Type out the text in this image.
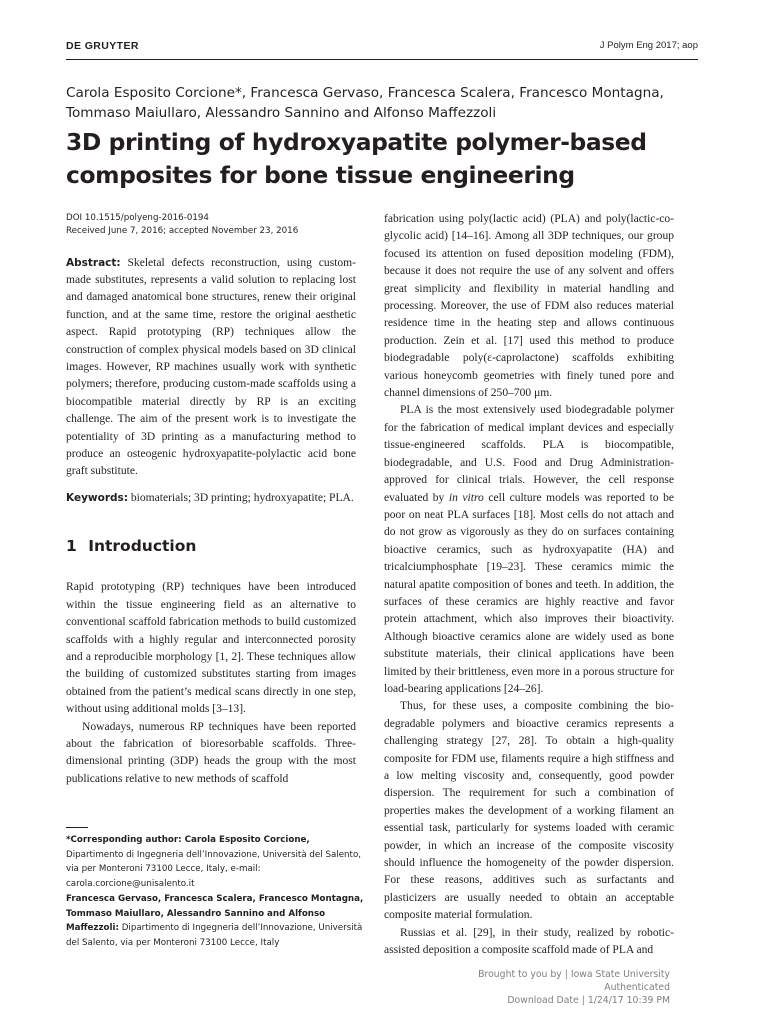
DE GRUYTER	J Polym Eng 2017; aop
Carola Esposito Corcione*, Francesca Gervaso, Francesca Scalera, Francesco Montagna,
Tommaso Maiullaro, Alessandro Sannino and Alfonso Maffezzoli
3D printing of hydroxyapatite polymer-based
composites for bone tissue engineering
DOI 10.1515/polyeng-2016-0194
Received June 7, 2016; accepted November 23, 2016

Abstract: Skeletal defects reconstruction, using custom-made substitutes, represents a valid solution to replacing lost and damaged anatomical bone structures, renew their original function, and at the same time, restore the original aesthetic aspect. Rapid prototyping (RP) techniques allow the construction of complex physical models based on 3D clinical images. However, RP machines usually work with synthetic polymers; therefore, producing custom-made scaffolds using a biocompatible material directly by RP is an exciting challenge. The aim of the present work is to investigate the potentiality of 3D printing as a manufacturing method to produce an osteogenic hydroxyapatite-polylactic acid bone graft substitute.

Keywords: biomaterials; 3D printing; hydroxyapatite; PLA.

1 Introduction

Rapid prototyping (RP) techniques have been introduced within the tissue engineering field as an alternative to conventional scaffold fabrication methods to build customized scaffolds with a highly regular and interconnected porosity and a reproducible morphology [1, 2]. These techniques allow the building of customized substitutes starting from images obtained from the patient’s medical scans directly in one step, without using additional molds [3–13].

Nowadays, numerous RP techniques have been reported about the fabrication of bioresorbable scaffolds. Three-dimensional printing (3DP) heads the group with the most publications relative to new methods of scaffold

fabrication using poly(lactic acid) (PLA) and poly(lactic-co-glycolic acid) [14–16]. Among all 3DP techniques, our group focused its attention on fused deposition modeling (FDM), because it does not require the use of any solvent and offers great simplicity and flexibility in material handling and processing. Moreover, the use of FDM also reduces material residence time in the heating step and allows continuous production. Zein et al. [17] used this method to produce biodegradable poly(ε-caprolactone) scaffolds exhibiting various honeycomb geometries with finely tuned pore and channel dimensions of 250–700 μm.

PLA is the most extensively used biodegradable polymer for the fabrication of medical implant devices and especially tissue-engineered scaffolds. PLA is biocompatible, biodegradable, and U.S. Food and Drug Administration-approved for clinical trials. However, the cell response evaluated by in vitro cell culture models was reported to be poor on neat PLA surfaces [18]. Most cells do not attach and do not grow as vigorously as they do on surfaces containing bioactive ceramics, such as hydroxyapatite (HA) and tricalciumphosphate [19–23]. These ceramics mimic the natural apatite composition of bones and teeth. In addition, the surfaces of these ceramics are highly reactive and favor protein attachment, which also improves their bioactivity. Although bioactive ceramics alone are widely used as bone substitute materials, their clinical applications have been limited by their brittleness, even more in a porous structure for load-bearing applications [24–26].

Thus, for these uses, a composite combining the biodegradable polymers and bioactive ceramics represents a challenging strategy [27, 28]. To obtain a high-quality composite for FDM use, filaments require a high stiffness and a low melting viscosity and, consequently, good powder dispersion. The requirement for such a combination of properties makes the development of a working filament an essential task, particularly for systems loaded with ceramic powder, in which an increase of the composite viscosity should influence the homogeneity of the powder dispersion. For these reasons, additives such as surfactants and plasticizers are usually needed to obtain an acceptable composite material formulation.

Russias et al. [29], in their study, realized by robotic-assisted deposition a composite scaffold made of PLA and

*Corresponding author: Carola Esposito Corcione, Dipartimento di Ingegneria dell’Innovazione, Università del Salento, via per Monteroni 73100 Lecce, Italy, e-mail: carola.corcione@unisalento.it
Francesca Gervaso, Francesca Scalera, Francesco Montagna, Tommaso Maiullaro, Alessandro Sannino and Alfonso Maffezzoli: Dipartimento di Ingegneria dell’Innovazione, Università del Salento, via per Monteroni 73100 Lecce, Italy
Brought to you by | Iowa State University
Authenticated
Download Date | 1/24/17 10:39 PM
